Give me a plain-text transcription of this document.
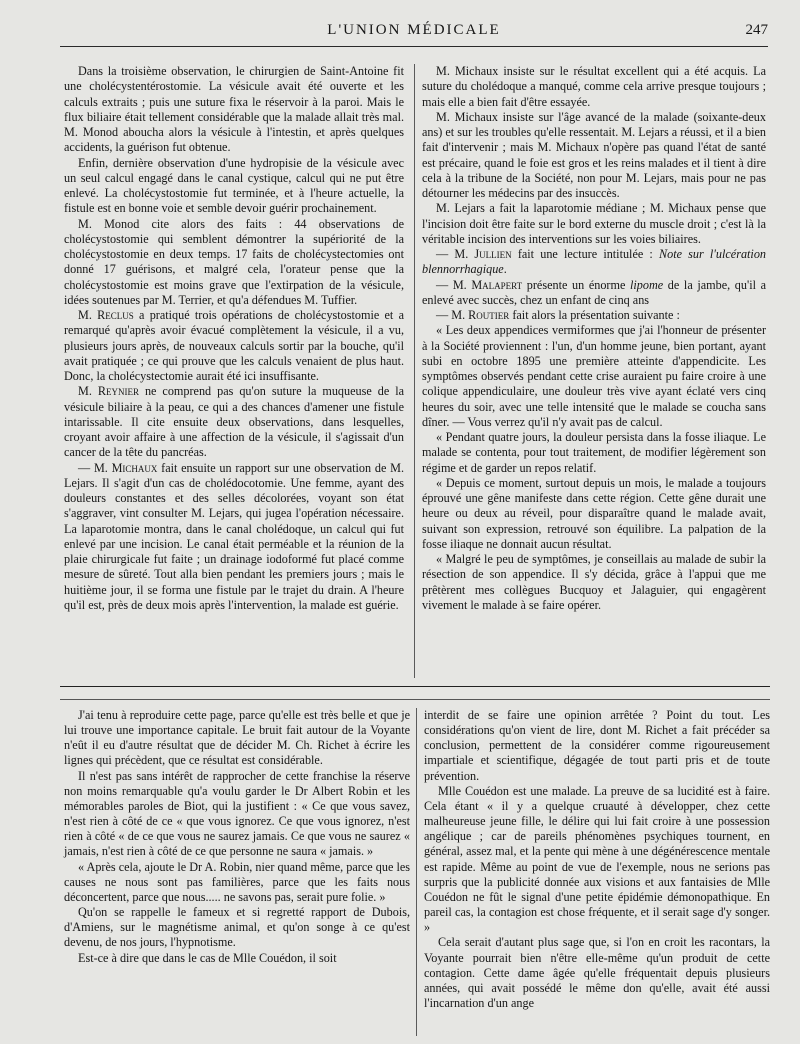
L'UNION MÉDICALE	247

Dans la troisième observation, le chirurgien de Saint-Antoine fit une cholécystentérostomie. La vésicule avait été ouverte et les calculs extraits ; puis une suture fixa le réservoir à la paroi. Mais le flux biliaire était tellement considérable que la malade allait très mal. M. Monod aboucha alors la vésicule à l'intestin, et après quelques accidents, la guérison fut obtenue.

Enfin, dernière observation d'une hydropisie de la vésicule avec un seul calcul engagé dans le canal cystique, calcul qui ne put être enlevé. La cholécystostomie fut terminée, et à l'heure actuelle, la fistule est en bonne voie et semble devoir guérir prochainement.

M. Monod cite alors des faits : 44 observations de cholécystostomie qui semblent démontrer la supériorité de la cholécystostomie en deux temps. 17 faits de cholécystectomies ont donné 17 guérisons, et malgré cela, l'orateur pense que la cholécystostomie est moins grave que l'extirpation de la vésicule, idées soutenues par M. Terrier, et qu'a défendues M. Tuffier.

M. Reclus a pratiqué trois opérations de cholécystostomie et a remarqué qu'après avoir évacué complètement la vésicule, il a vu, plusieurs jours après, de nouveaux calculs sortir par la bouche, qu'il avait pratiquée ; ce qui prouve que les calculs venaient de plus haut. Donc, la cholécystectomie aurait été ici insuffisante.

M. Reynier ne comprend pas qu'on suture la muqueuse de la vésicule biliaire à la peau, ce qui a des chances d'amener une fistule intarissable. Il cite ensuite deux observations, dans lesquelles, croyant avoir affaire à une affection de la vésicule, il s'agissait d'un cancer de la tête du pancréas.

— M. Michaux fait ensuite un rapport sur une observation de M. Lejars. Il s'agit d'un cas de cholédocotomie. Une femme, ayant des douleurs constantes et des selles décolorées, voyant son état s'aggraver, vint consulter M. Lejars, qui jugea l'opération nécessaire. La laparotomie montra, dans le canal cholédoque, un calcul qui fut enlevé par une incision. Le canal était perméable et la réunion de la plaie chirurgicale fut faite ; un drainage iodoformé fut placé comme mesure de sûreté. Tout alla bien pendant les premiers jours ; mais le huitième jour, il se forma une fistule par le trajet du drain. A l'heure qu'il est, près de deux mois après l'intervention, la malade est guérie.

M. Michaux insiste sur le résultat excellent qui a été acquis. La suture du cholédoque a manqué, comme cela arrive presque toujours ; mais elle a bien fait d'être essayée.

M. Michaux insiste sur l'âge avancé de la malade (soixante-deux ans) et sur les troubles qu'elle ressentait. M. Lejars a réussi, et il a bien fait d'intervenir ; mais M. Michaux n'opère pas quand l'état de santé est précaire, quand le foie est gros et les reins malades et il tient à dire cela à la tribune de la Société, non pour M. Lejars, mais pour ne pas détourner les médecins par des insuccès.

M. Lejars a fait la laparotomie médiane ; M. Michaux pense que l'incision doit être faite sur le bord externe du muscle droit ; c'est là la véritable incision des interventions sur les voies biliaires.

— M. Jullien fait une lecture intitulée : Note sur l'ulcération blennorrhagique.

— M. Malapert présente un énorme lipome de la jambe, qu'il a enlevé avec succès, chez un enfant de cinq ans

— M. Routier fait alors la présentation suivante :

« Les deux appendices vermiformes que j'ai l'honneur de présenter à la Société proviennent : l'un, d'un homme jeune, bien portant, ayant subi en octobre 1895 une première atteinte d'appendicite. Les symptômes observés pendant cette crise auraient pu faire croire à une colique appendiculaire, une douleur très vive ayant éclaté vers cinq heures du soir, avec une telle intensité que le malade se coucha sans dîner. — Vous verrez qu'il n'y avait pas de calcul.

« Pendant quatre jours, la douleur persista dans la fosse iliaque. Le malade se contenta, pour tout traitement, de modifier légèrement son régime et de garder un repos relatif.

« Depuis ce moment, surtout depuis un mois, le malade a toujours éprouvé une gêne manifeste dans cette région. Cette gêne durait une heure ou deux au réveil, pour disparaître quand le malade avait, suivant son expression, retrouvé son équilibre. La palpation de la fosse iliaque ne donnait aucun résultat.

« Malgré le peu de symptômes, je conseillais au malade de subir la résection de son appendice. Il s'y décida, grâce à l'appui que me prêtèrent mes collègues Bucquoy et Jalaguier, qui engagèrent vivement le malade à se faire opérer.

J'ai tenu à reproduire cette page, parce qu'elle est très belle et que je lui trouve une importance capitale. Le bruit fait autour de la Voyante n'eût il eu d'autre résultat que de décider M. Ch. Richet à écrire les lignes qui précèdent, que ce résultat est considérable.

Il n'est pas sans intérêt de rapprocher de cette franchise la réserve non moins remarquable qu'a voulu garder le Dr Albert Robin et les mémorables paroles de Biot, qui la justifient : « Ce que vous savez, n'est rien à côté de ce « que vous ignorez. Ce que vous ignorez, n'est rien à côté « de ce que vous ne saurez jamais. Ce que vous ne saurez « jamais, n'est rien à côté de ce que personne ne saura « jamais. »

« Après cela, ajoute le Dr A. Robin, nier quand même, parce que les causes ne nous sont pas familières, parce que les faits nous déconcertent, parce que nous..... ne savons pas, serait pure folie. »

Qu'on se rappelle le fameux et si regretté rapport de Dubois, d'Amiens, sur le magnétisme animal, et qu'on songe à ce qu'est devenu, de nos jours, l'hypnotisme.

Est-ce à dire que dans le cas de Mlle Couédon, il soit

interdit de se faire une opinion arrêtée ? Point du tout. Les considérations qu'on vient de lire, dont M. Richet a fait précéder sa conclusion, permettent de la considérer comme rigoureusement impartiale et scientifique, dégagée de tout parti pris et de toute prévention.

Mlle Couédon est une malade. La preuve de sa lucidité est à faire. Cela étant « il y a quelque cruauté à développer, chez cette malheureuse jeune fille, le délire qui lui fait croire à une possession angélique ; car de pareils phénomènes psychiques tournent, en général, assez mal, et la pente qui mène à une dégénérescence mentale est rapide. Même au point de vue de l'exemple, nous ne serions pas surpris que la publicité donnée aux visions et aux fantaisies de Mlle Couédon ne fût le signal d'une petite épidémie démonopathique. En pareil cas, la contagion est chose fréquente, et il serait sage d'y songer. »

Cela serait d'autant plus sage que, si l'on en croit les racontars, la Voyante pourrait bien n'être elle-même qu'un produit de cette contagion. Cette dame âgée qu'elle fréquentait depuis plusieurs années, qui avait possédé le même don qu'elle, avait été aussi l'incarnation d'un ange
